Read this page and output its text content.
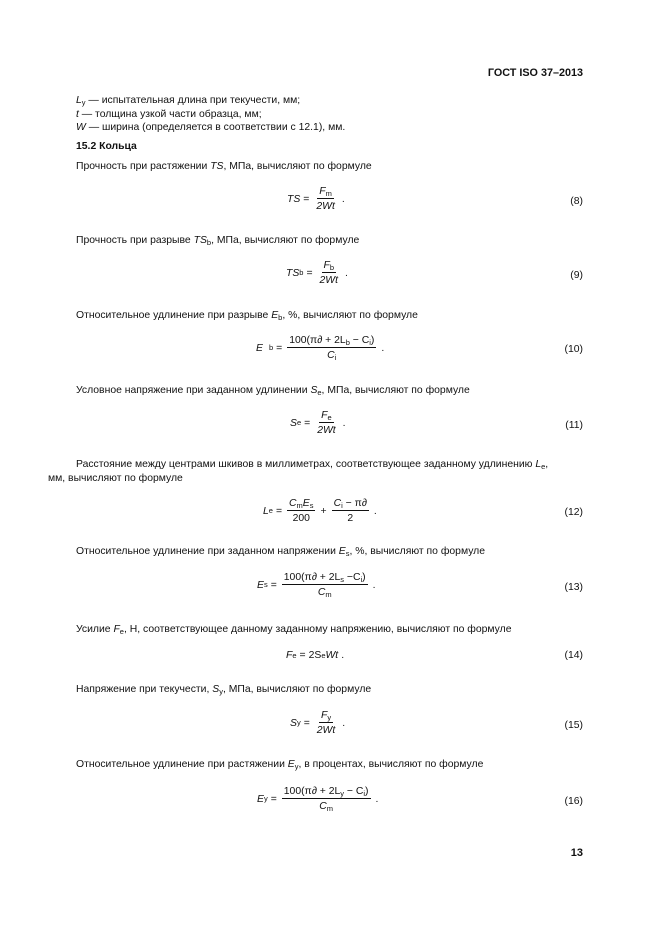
ГОСТ ISO 37–2013
$L_y$ — испытательная длина при текучести, мм;
t — толщина узкой части образца, мм;
W — ширина (определяется в соответствии с 12.1), мм.
15.2 Кольца
Прочность при растяжении TS, МПа, вычисляют по формуле
TS = $\frac{F_m}{2Wt}$ .	(8)
Прочность при разрыве $TS_b$, МПа, вычисляют по формуле
TS $b = \frac{F_b}{2Wt}$ .	(9)
Относительное удлинение при разрыве $E_b$, %, вычисляют по формуле
E $b = \frac{100(\pi\partial + 2L_b - C_i)}{C_i}$ .	(10)
Условное напряжение при заданном удлинении $S_e$, МПа, вычисляют по формуле
S $e = \frac{F_e}{2Wt}$ .	(11)
Расстояние между центрами шкивов в миллиметрах, соответствующее заданному удлинению $L_e$,
мм, вычисляют по формуле
L $e = \frac{C_mE_s}{200} + \frac{C_i - \pi\partial}{2}$ .	(12)
Относительное удлинение при заданном напряжении $E_s$, %, вычисляют по формуле
E $s = \frac{100(\pi\partial + 2L_s -C_i)}{C_m}$ .	(13)
Усилие $F_e$, Н, соответствующее данному заданному напряжению, вычисляют по формуле
F e = 2S e Wt .	(14)
Напряжение при текучести, $S_y$, МПа, вычисляют по формуле
S $y = \frac{F_y}{2Wt}$ .	(15)
Относительное удлинение при растяжении $E_y$, в процентах, вычисляют по формуле
E $y = \frac{100(\pi\partial + 2L_y - C_i)}{C_m}$ .	(16)
13
